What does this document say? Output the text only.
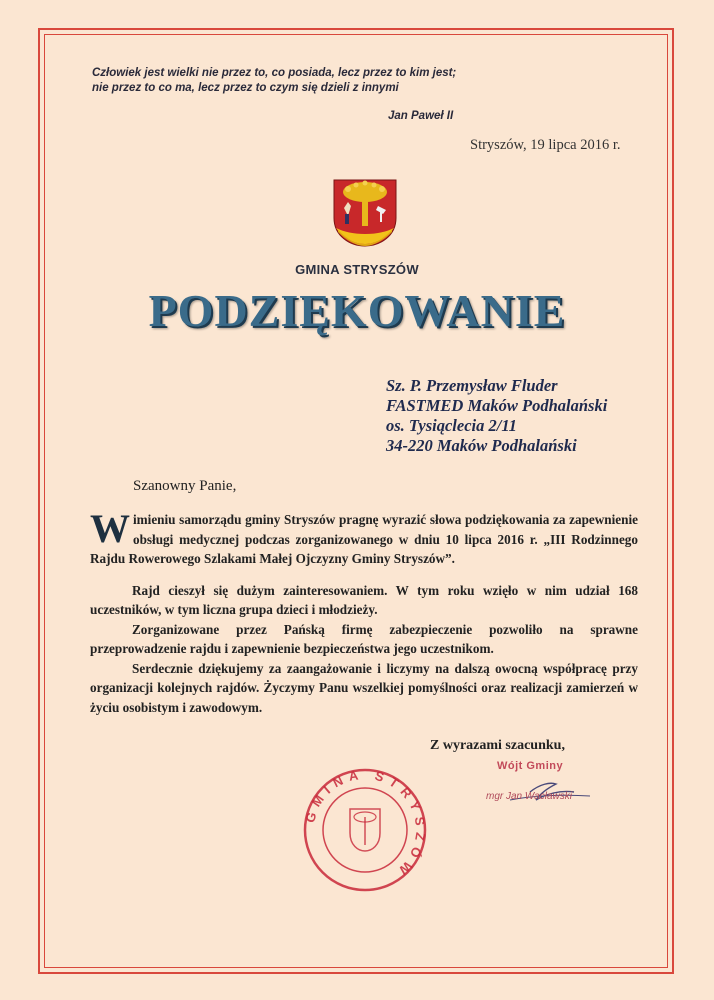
Człowiek jest wielki nie przez to, co posiada, lecz przez to kim jest;
nie przez to co ma, lecz przez to czym się dzieli z innymi
Jan Paweł II
Stryszów, 19 lipca 2016 r.
GMINA STRYSZÓW
PODZIĘKOWANIE
Sz. P. Przemysław Fluder
FASTMED Maków Podhalański
os. Tysiąclecia 2/11
34-220 Maków Podhalański
Szanowny Panie,

Wimieniu samorządu gminy Stryszów pragnę wyrazić słowa podziękowania za zapewnienie obsługi medycznej podczas zorganizowanego w dniu 10 lipca 2016 r. „III Rodzinnego Rajdu Rowerowego Szlakami Małej Ojczyzny Gminy Stryszów”.

Rajd cieszył się dużym zainteresowaniem. W tym roku wzięło w nim udział 168 uczestników, w tym liczna grupa dzieci i młodzieży.

Zorganizowane przez Pańską firmę zabezpieczenie pozwoliło na sprawne przeprowadzenie rajdu i zapewnienie bezpieczeństwa jego uczestnikom.

Serdecznie dziękujemy za zaangażowanie i liczymy na dalszą owocną współpracę przy organizacji kolejnych rajdów. Życzymy Panu wszelkiej pomyślności oraz realizacji zamierzeń w życiu osobistym i zawodowym.

Z wyrazami szacunku,
Wójt Gminy
mgr Jan Wacławski
GMINA STRYSZÓW
